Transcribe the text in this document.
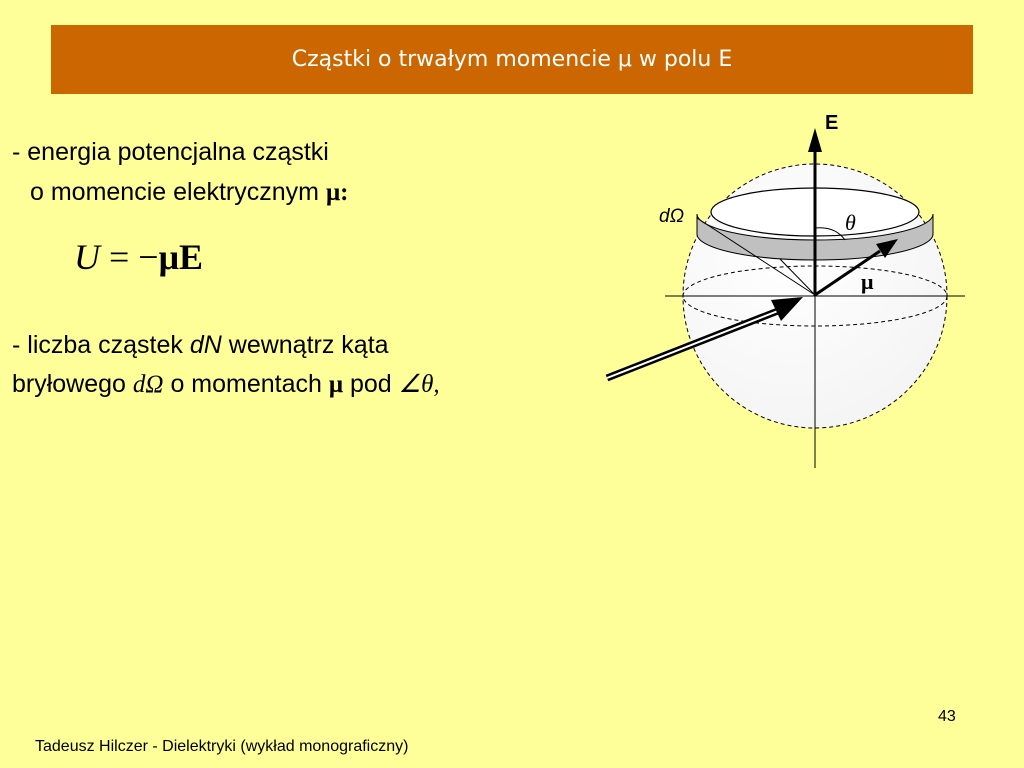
Cząstki o trwałym momencie μ w polu E
- energia potencjalna cząstki
o momencie elektrycznym μ:
U = −μE
- liczba cząstek dN wewnątrz kąta
bryłowego dΩ o momentach μ pod ∠θ,
E
dΩ	θ
μ
43
Tadeusz Hilczer - Dielektryki (wykład monograficzny)
